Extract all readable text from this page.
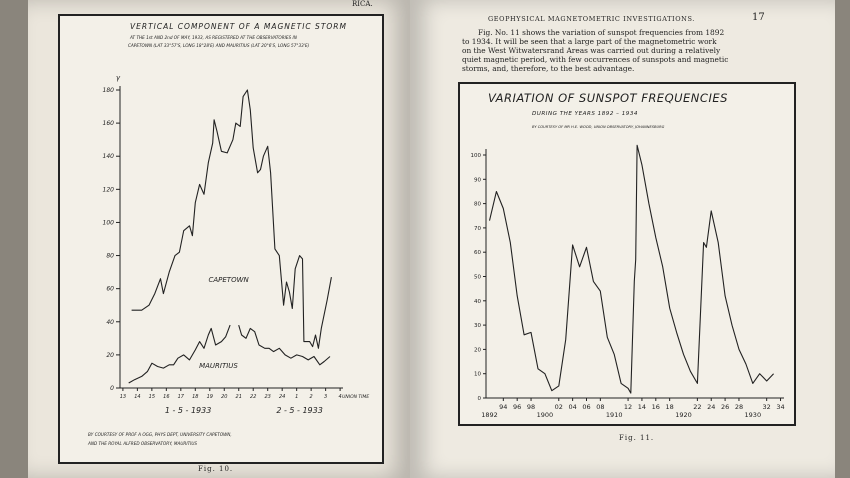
RICA.
GEOPHYSICAL MAGNETOMETRIC INVESTIGATIONS.	17
Fig. No. 11 shows the variation of sunspot frequencies from 1892
to 1934. It will be seen that a large part of the magnetometric work
on the West Witwatersrand Areas was carried out during a relatively
quiet magnetic period, with few occurrences of sunspots and magnetic
storms, and, therefore, to the best advantage.
VERTICAL COMPONENT OF A MAGNETIC STORM
AT THE 1st AND 2nd OF MAY, 1933, AS REGISTERED AT THE OBSERVATORIES IN
CAPETOWN (LAT 33°57'S, LONG 18°28'E) AND MAURITIUS (LAT 20°6'S, LONG 57°33'E)
BY COURTESY OF PROF A OGG, PHYS DEPT, UNIVERSITY CAPETOWN,
AND THE ROYAL ALFRED OBSERVATORY, MAURITIUS
Fig. 10.
VARIATION OF SUNSPOT FREQUENCIES
DURING THE YEARS 1892 – 1934
BY COURTESY OF MR H.E. WOOD, UNION OBSERVATORY, JOHANNESBURG
Fig. 11.
0
20
40
60
80
100
120
140
160
180
γ
13 14 15 16 17 18 19 20 21 22 23 24 1 2 3 4 UNION TIME
1 - 5 - 1933	2 - 5 - 1933
CAPETOWN
MAURITIUS
0
10
20
30
40
50
60
70
80
90
100
94 96 98	02 04 06 08	12 14 16 18	22 24 26 28	32 34
1892	1900	1910	1920	1930
